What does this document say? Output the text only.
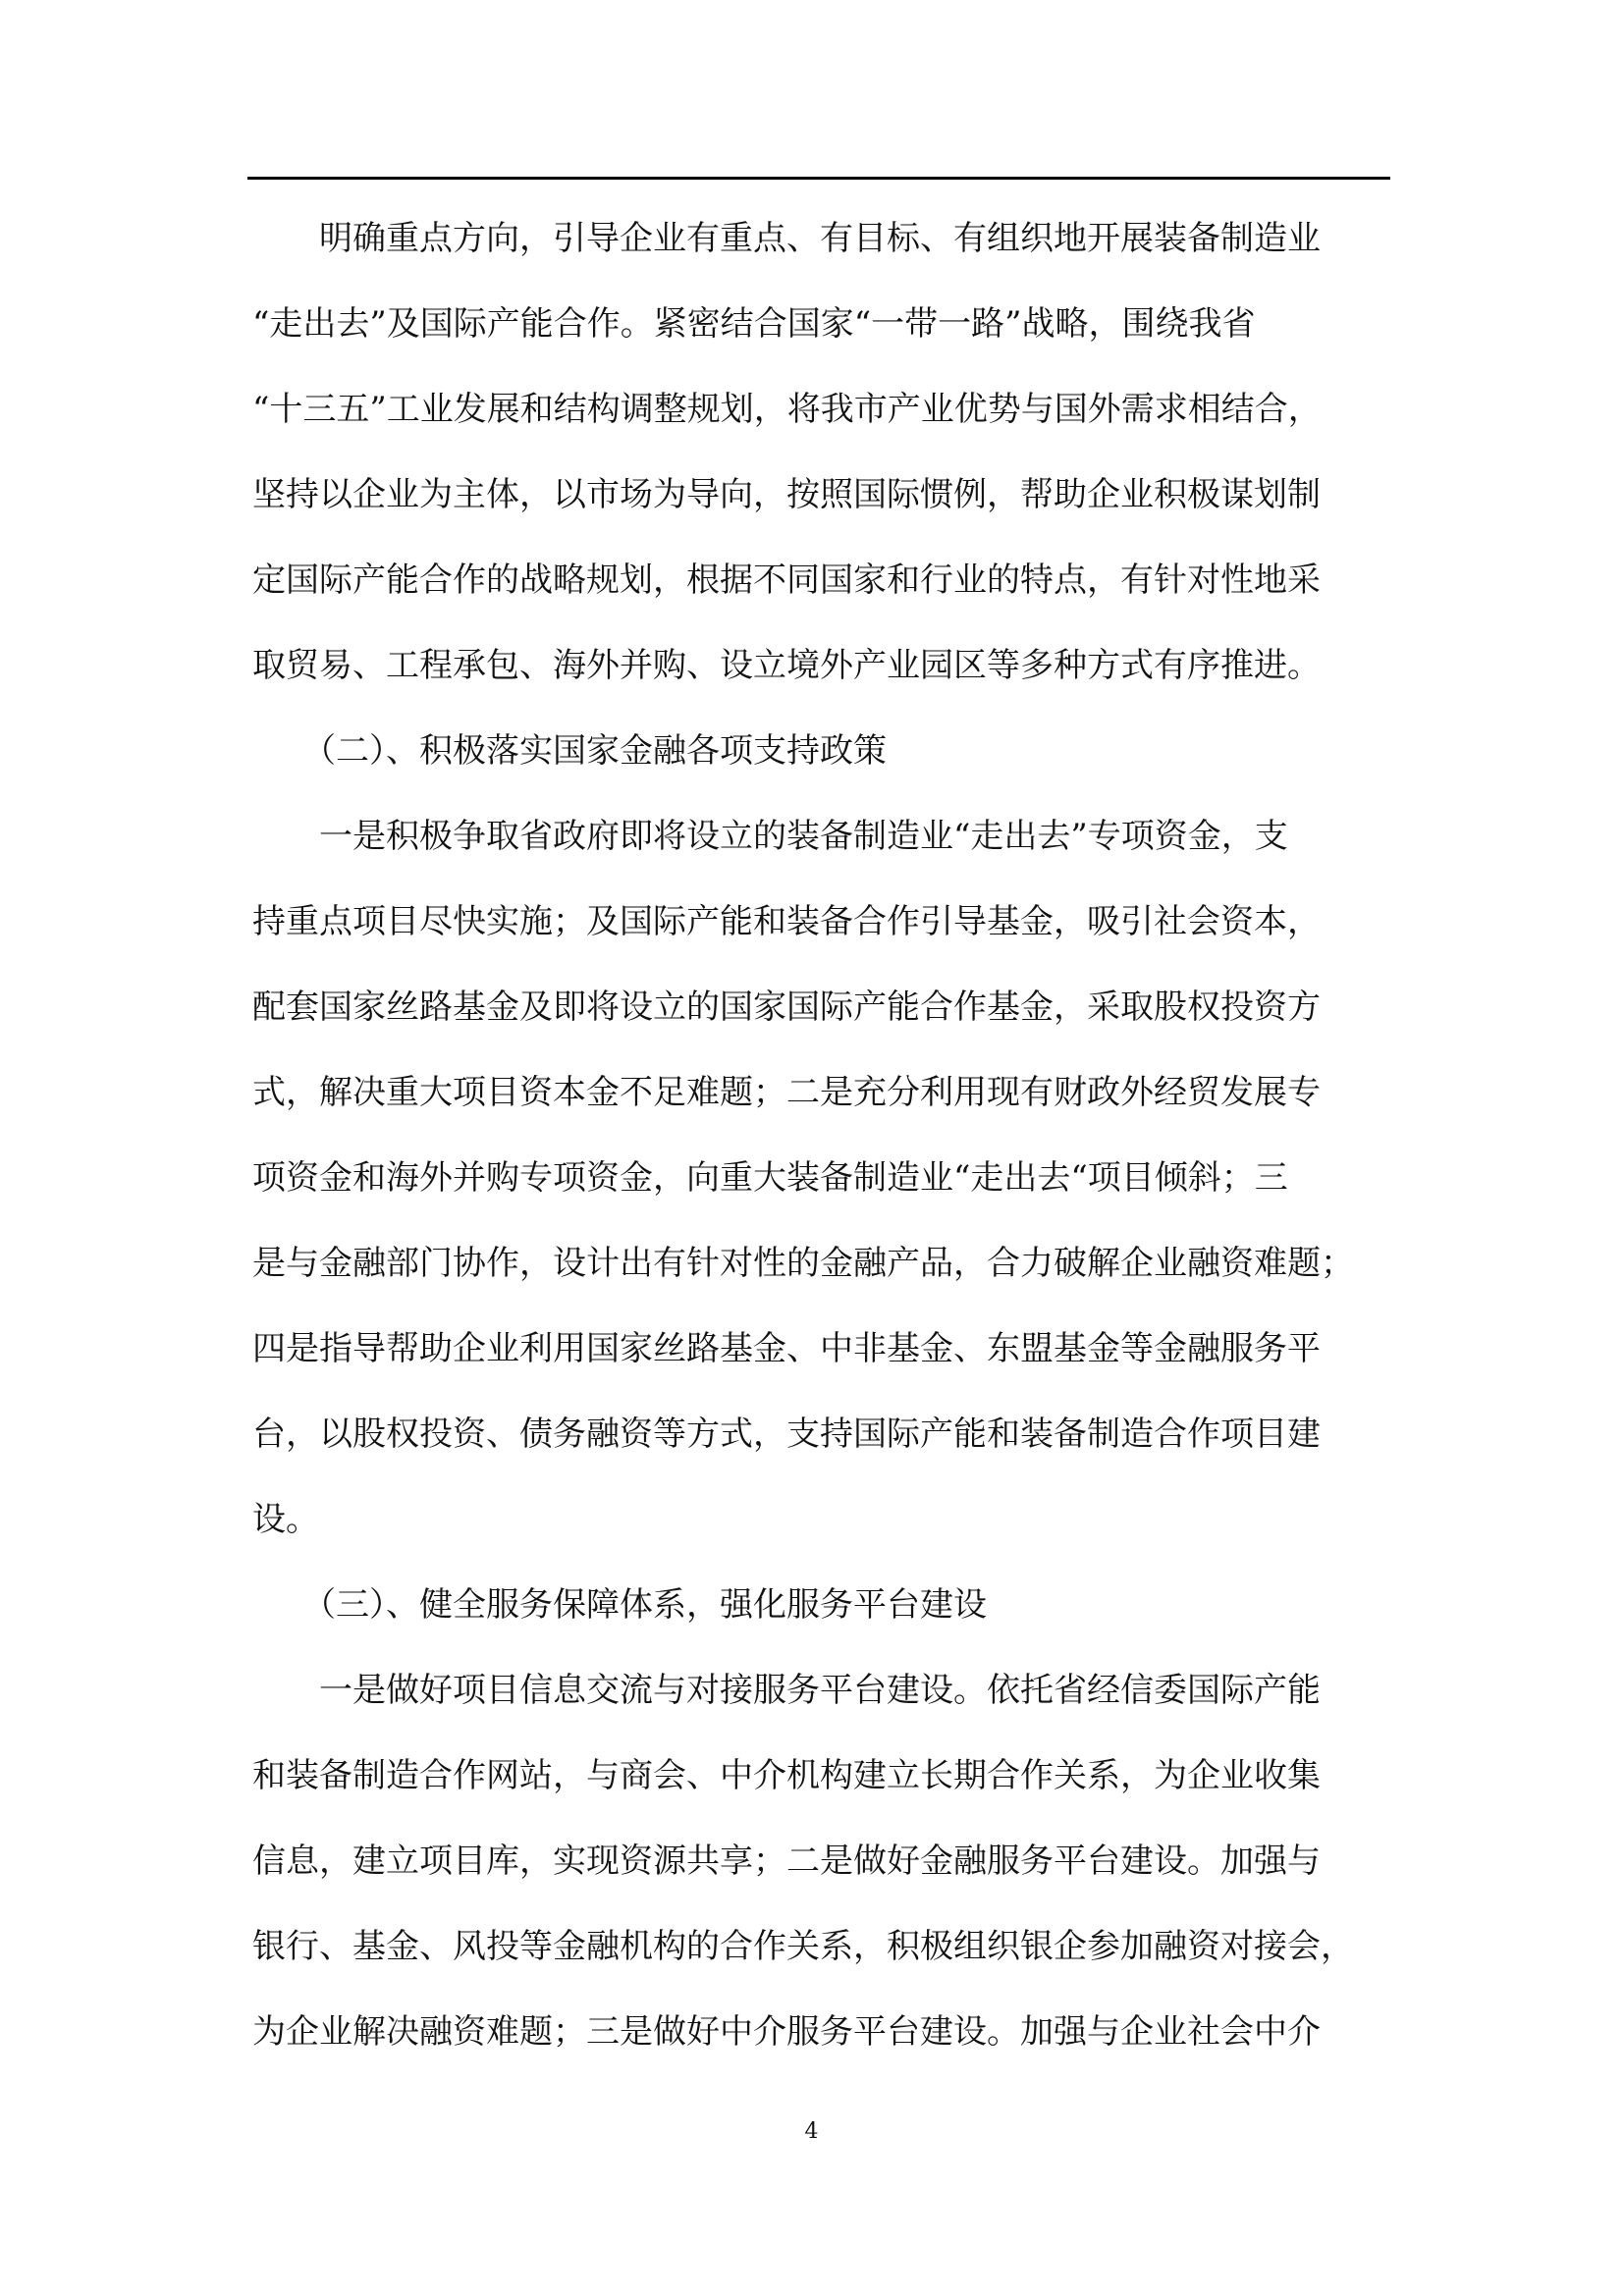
　　明确重点方向，引导企业有重点、有目标、有组织地开展装备制造业
“走出去”及国际产能合作。紧密结合国家“一带一路”战略，围绕我省
“十三五”工业发展和结构调整规划，将我市产业优势与国外需求相结合，
坚持以企业为主体，以市场为导向，按照国际惯例，帮助企业积极谋划制
定国际产能合作的战略规划，根据不同国家和行业的特点，有针对性地采
取贸易、工程承包、海外并购、设立境外产业园区等多种方式有序推进。
　　（二）、积极落实国家金融各项支持政策
　　一是积极争取省政府即将设立的装备制造业“走出去”专项资金，支
持重点项目尽快实施；及国际产能和装备合作引导基金，吸引社会资本，
配套国家丝路基金及即将设立的国家国际产能合作基金，采取股权投资方
式，解决重大项目资本金不足难题；二是充分利用现有财政外经贸发展专
项资金和海外并购专项资金，向重大装备制造业“走出去“项目倾斜；三
是与金融部门协作，设计出有针对性的金融产品，合力破解企业融资难题；
四是指导帮助企业利用国家丝路基金、中非基金、东盟基金等金融服务平
台，以股权投资、债务融资等方式，支持国际产能和装备制造合作项目建
设。
　　（三）、健全服务保障体系，强化服务平台建设
　　一是做好项目信息交流与对接服务平台建设。依托省经信委国际产能
和装备制造合作网站，与商会、中介机构建立长期合作关系，为企业收集
信息，建立项目库，实现资源共享；二是做好金融服务平台建设。加强与
银行、基金、风投等金融机构的合作关系，积极组织银企参加融资对接会，
为企业解决融资难题；三是做好中介服务平台建设。加强与企业社会中介
4
